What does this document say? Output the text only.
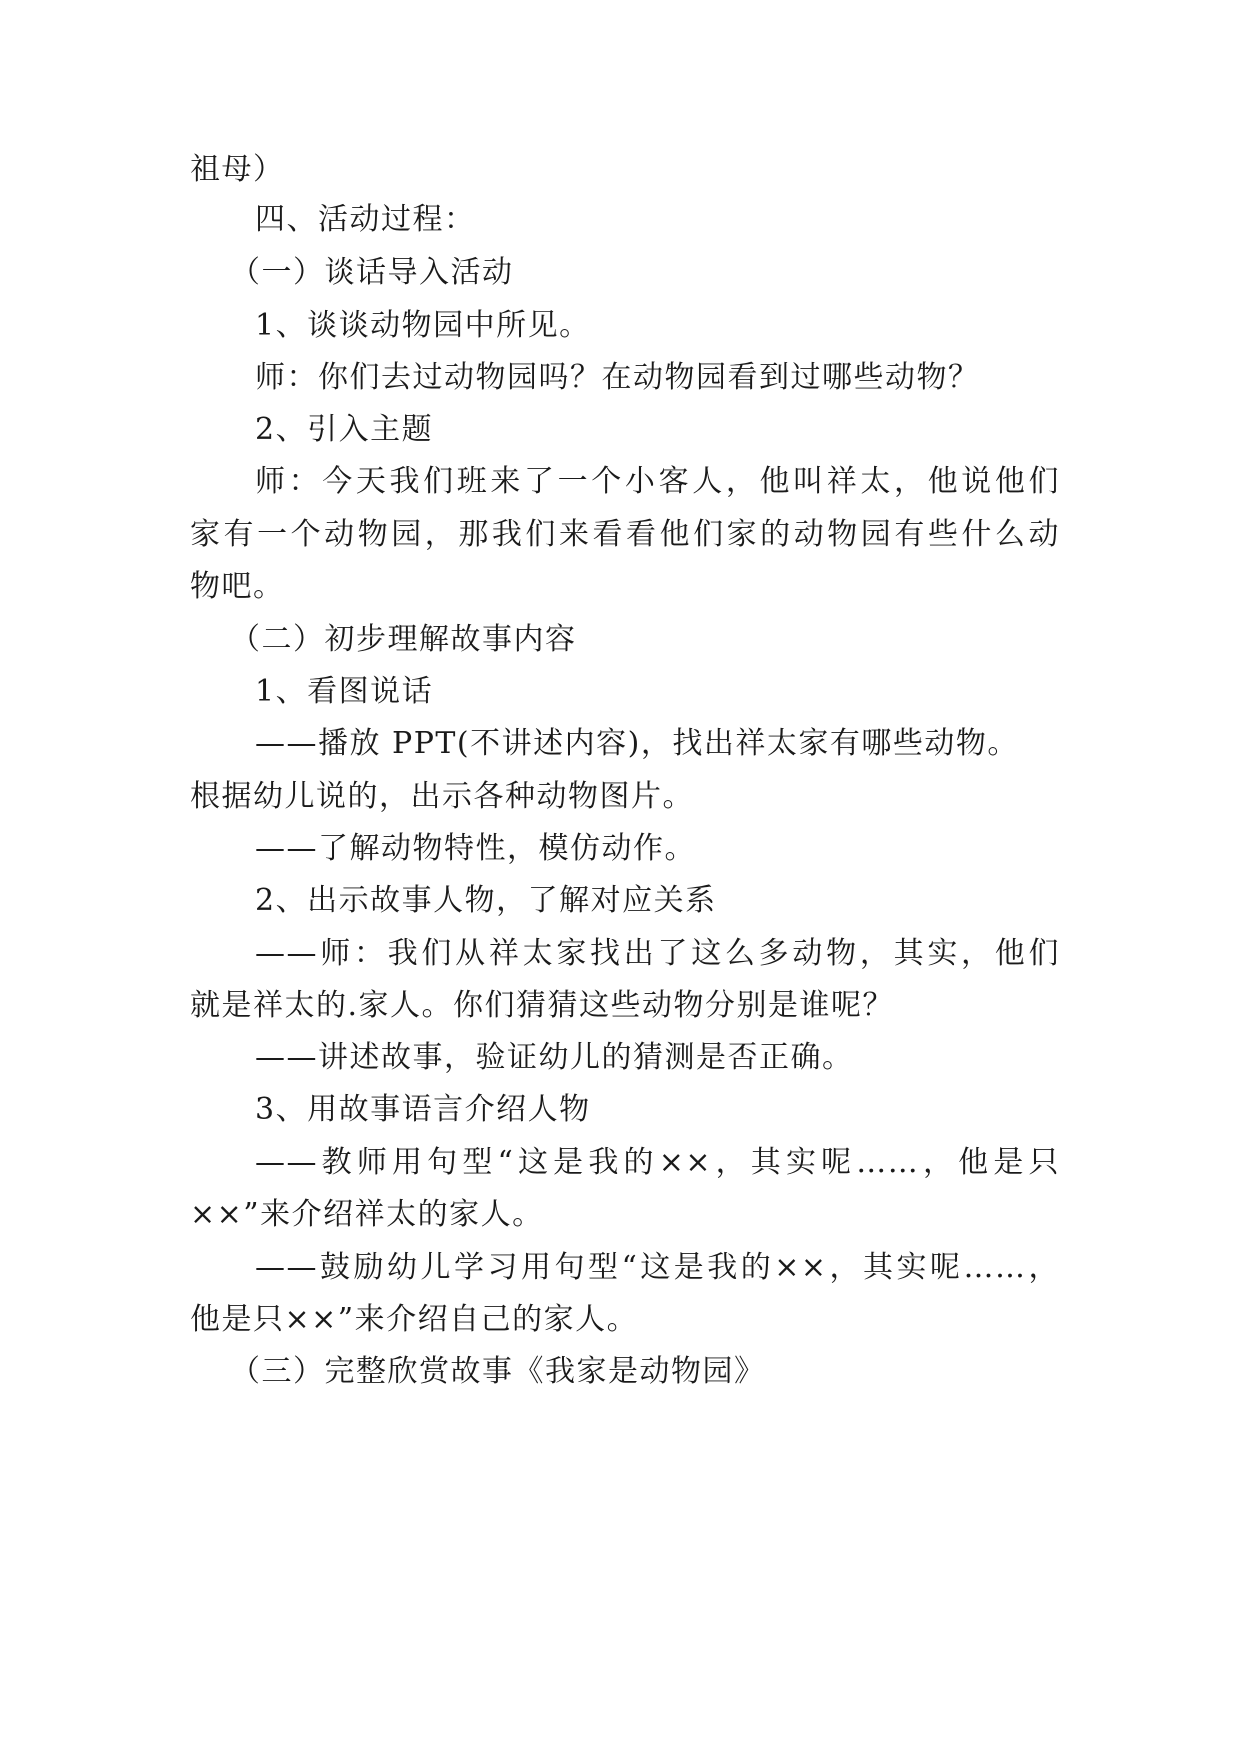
祖母）
四、活动过程：
（一）谈话导入活动
1、谈谈动物园中所见。
师：你们去过动物园吗？在动物园看到过哪些动物？
2、引入主题
师：今天我们班来了一个小客人，他叫祥太，他说他们
家有一个动物园，那我们来看看他们家的动物园有些什么动
物吧。
（二）初步理解故事内容
1、看图说话
——播放 PPT(不讲述内容)，找出祥太家有哪些动物。
根据幼儿说的，出示各种动物图片。
——了解动物特性，模仿动作。
2、出示故事人物，了解对应关系
——师：我们从祥太家找出了这么多动物，其实，他们
就是祥太的.家人。你们猜猜这些动物分别是谁呢？
——讲述故事，验证幼儿的猜测是否正确。
3、用故事语言介绍人物
——教师用句型“这是我的××，其实呢……，他是只
××”来介绍祥太的家人。
——鼓励幼儿学习用句型“这是我的××，其实呢……，
他是只××”来介绍自己的家人。
（三）完整欣赏故事《我家是动物园》
